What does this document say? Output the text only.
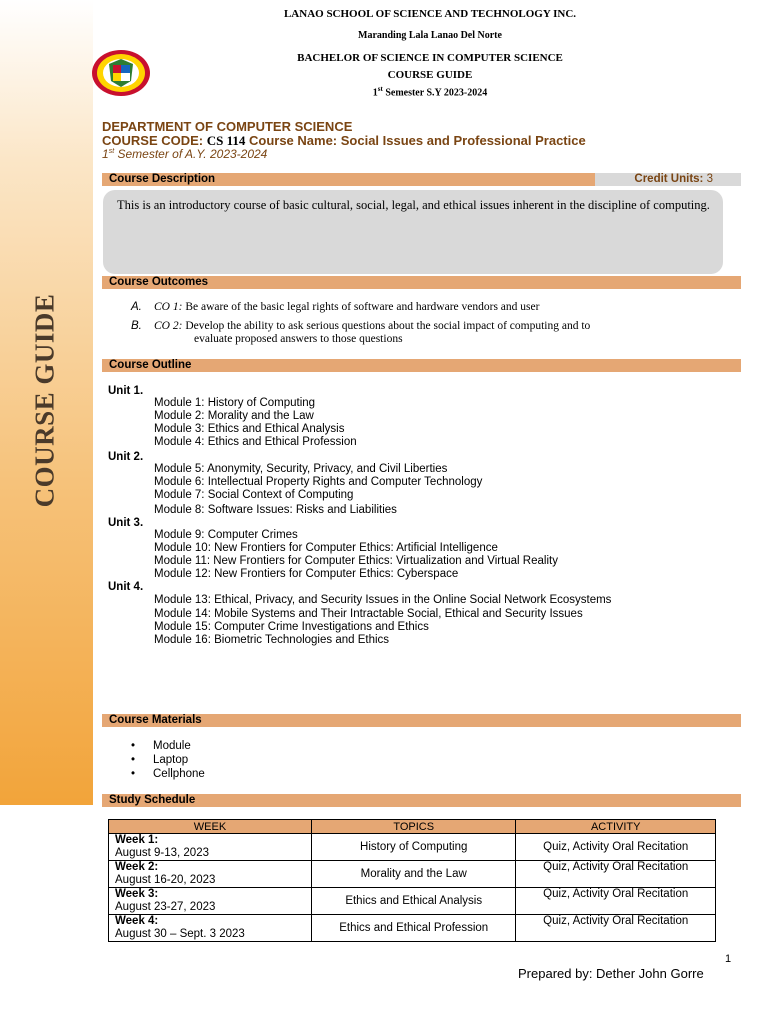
COURSE GUIDE
LANAO SCHOOL OF SCIENCE AND TECHNOLOGY INC.
Maranding Lala Lanao Del Norte
BACHELOR OF SCIENCE IN COMPUTER SCIENCE
COURSE GUIDE
1st Semester S.Y 2023-2024
DEPARTMENT OF COMPUTER SCIENCE
COURSE CODE: CS 114 Course Name: Social Issues and Professional Practice
1st Semester of A.Y. 2023-2024
Course Description	Credit Units: 3
This is an introductory course of basic cultural, social, legal, and ethical issues inherent in the discipline of computing.
Course Outcomes
A. CO 1: Be aware of the basic legal rights of software and hardware vendors and user
B. CO 2: Develop the ability to ask serious questions about the social impact of computing and to
evaluate proposed answers to those questions
Course Outline
Unit 1.
Module 1: History of Computing
Module 2: Morality and the Law
Module 3: Ethics and Ethical Analysis
Module 4: Ethics and Ethical Profession
Unit 2.
Module 5: Anonymity, Security, Privacy, and Civil Liberties
Module 6: Intellectual Property Rights and Computer Technology
Module 7: Social Context of Computing
Module 8: Software Issues: Risks and Liabilities
Unit 3.
Module 9: Computer Crimes
Module 10: New Frontiers for Computer Ethics: Artificial Intelligence
Module 11: New Frontiers for Computer Ethics: Virtualization and Virtual Reality
Module 12: New Frontiers for Computer Ethics: Cyberspace
Unit 4.
Module 13: Ethical, Privacy, and Security Issues in the Online Social Network Ecosystems
Module 14: Mobile Systems and Their Intractable Social, Ethical and Security Issues
Module 15: Computer Crime Investigations and Ethics
Module 16: Biometric Technologies and Ethics
Course Materials
• Module
• Laptop
• Cellphone
Study Schedule
WEEK	TOPICS	ACTIVITY
Week 1:
August 9-13, 2023	History of Computing	Quiz, Activity Oral Recitation
Week 2:
August 16-20, 2023	Morality and the Law	Quiz, Activity Oral Recitation
Week 3:
August 23-27, 2023	Ethics and Ethical Analysis	Quiz, Activity Oral Recitation
Week 4:
August 30 – Sept. 3 2023	Ethics and Ethical Profession	Quiz, Activity Oral Recitation
1
Prepared by: Dether John Gorre
